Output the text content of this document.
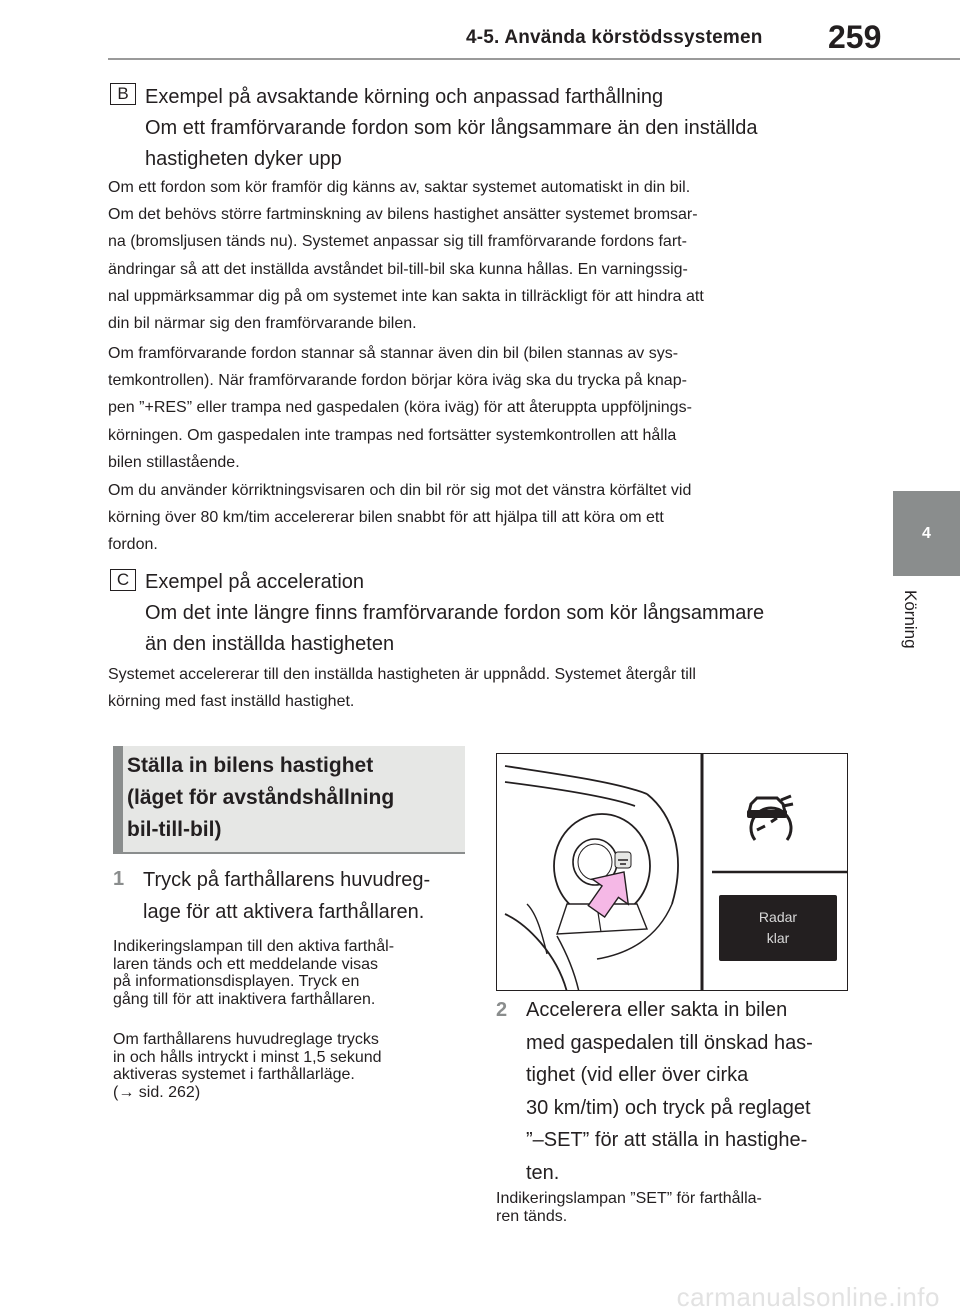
4-5. Använda körstödssystemen 259
4
Körning
B Exempel på avsaktande körning och anpassad farthållning
Om ett framförvarande fordon som kör långsammare än den inställda
hastigheten dyker upp
Om ett fordon som kör framför dig känns av, saktar systemet automatiskt in din bil.
Om det behövs större fartminskning av bilens hastighet ansätter systemet bromsar-
na (bromsljusen tänds nu). Systemet anpassar sig till framförvarande fordons fart-
ändringar så att det inställda avståndet bil-till-bil ska kunna hållas. En varningssig-
nal uppmärksammar dig på om systemet inte kan sakta in tillräckligt för att hindra att
din bil närmar sig den framförvarande bilen.
Om framförvarande fordon stannar så stannar även din bil (bilen stannas av sys-
temkontrollen). När framförvarande fordon börjar köra iväg ska du trycka på knap-
pen ”+RES” eller trampa ned gaspedalen (köra iväg) för att återuppta uppföljnings-
körningen. Om gaspedalen inte trampas ned fortsätter systemkontrollen att hålla
bilen stillastående.
Om du använder körriktningsvisaren och din bil rör sig mot det vänstra körfältet vid
körning över 80 km/tim accelererar bilen snabbt för att hjälpa till att köra om ett
fordon.
C Exempel på acceleration
Om det inte längre finns framförvarande fordon som kör långsammare
än den inställda hastigheten
Systemet accelererar till den inställda hastigheten är uppnådd. Systemet återgår till
körning med fast inställd hastighet.
Ställa in bilens hastighet
(läget för avståndshållning
bil-till-bil)
1 Tryck på farthållarens huvudreg-
lage för att aktivera farthållaren.
Indikeringslampan till den aktiva farthål-
laren tänds och ett meddelande visas
på informationsdisplayen. Tryck en
gång till för att inaktivera farthållaren.
Om farthållarens huvudreglage trycks
in och hålls intryckt i minst 1,5 sekund
aktiveras systemet i farthållarläge.
(→ sid. 262)
Radar
klar
2 Accelerera eller sakta in bilen
med gaspedalen till önskad has-
tighet (vid eller över cirka
30 km/tim) och tryck på reglaget
”–SET” för att ställa in hastighe-
ten.
Indikeringslampan ”SET” för farthålla-
ren tänds.
carmanualsonline.info
